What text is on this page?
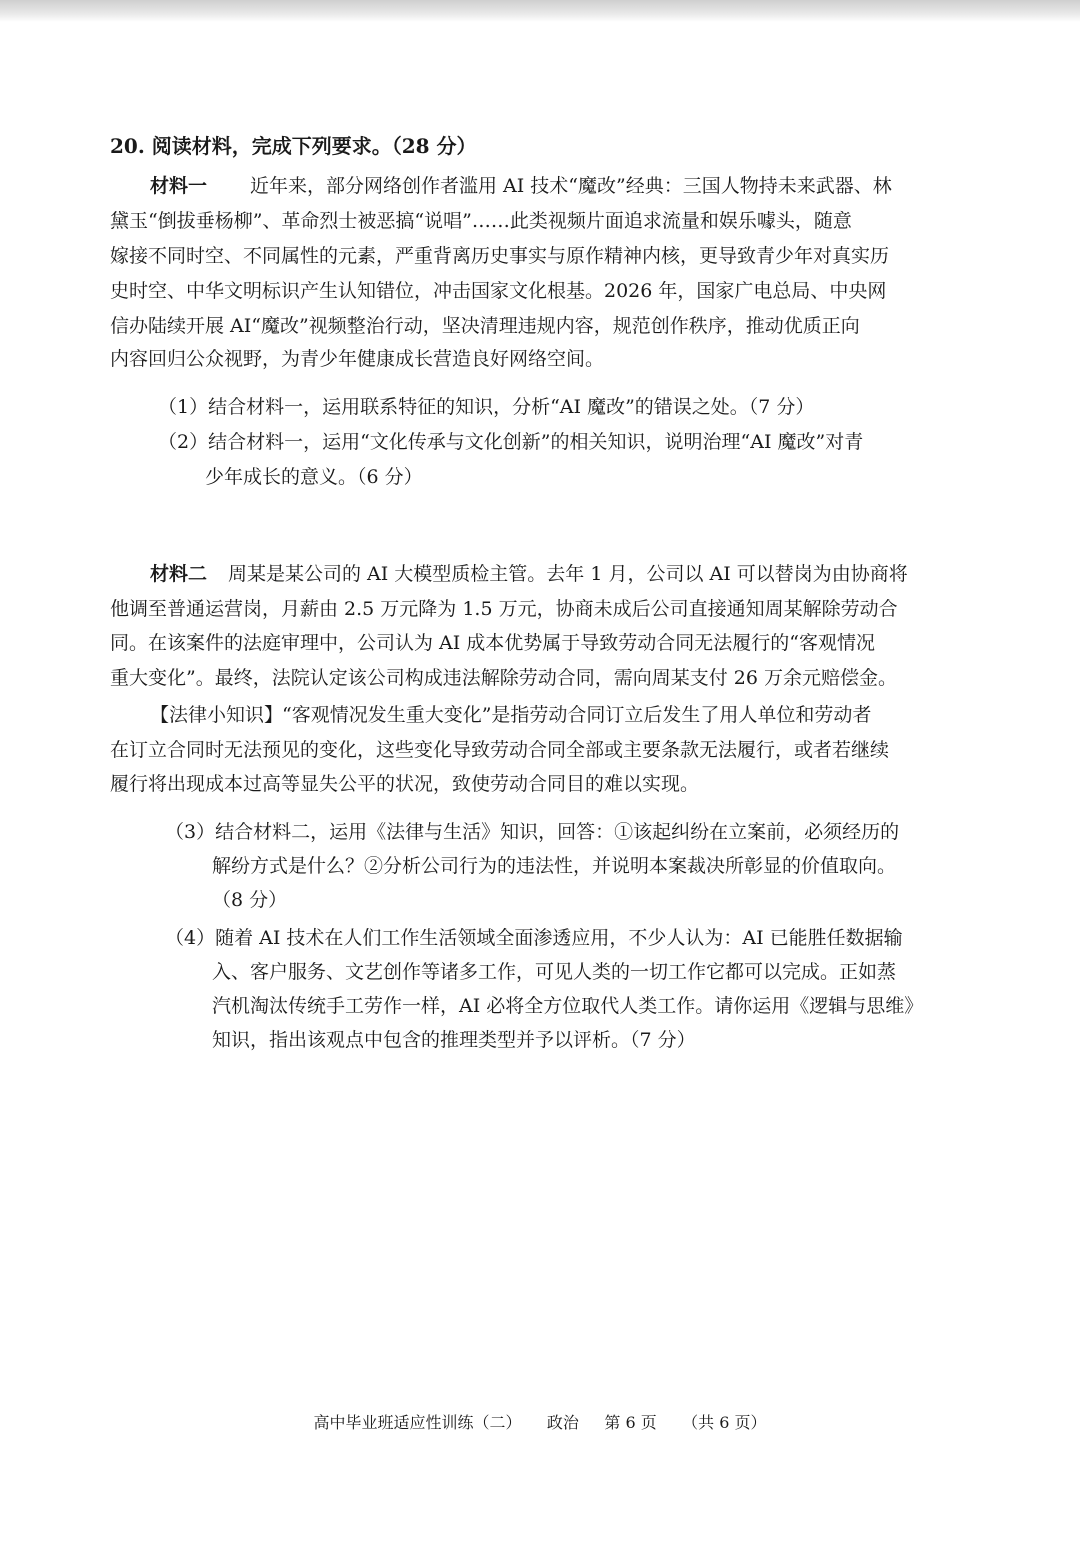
20. 阅读材料，完成下列要求。（28 分）
材料一 近年来，部分网络创作者滥用 AI 技术“魔改”经典：三国人物持未来武器、林
黛玉“倒拔垂杨柳”、革命烈士被恶搞“说唱”……此类视频片面追求流量和娱乐噱头，随意
嫁接不同时空、不同属性的元素，严重背离历史事实与原作精神内核，更导致青少年对真实历
史时空、中华文明标识产生认知错位，冲击国家文化根基。2026 年，国家广电总局、中央网
信办陆续开展 AI“魔改”视频整治行动，坚决清理违规内容，规范创作秩序，推动优质正向
内容回归公众视野，为青少年健康成长营造良好网络空间。
（1）结合材料一，运用联系特征的知识，分析“AI 魔改”的错误之处。（7 分）
（2）结合材料一，运用“文化传承与文化创新”的相关知识，说明治理“AI 魔改”对青
少年成长的意义。（6 分）
材料二 周某是某公司的 AI 大模型质检主管。去年 1 月，公司以 AI 可以替岗为由协商将
他调至普通运营岗，月薪由 2.5 万元降为 1.5 万元，协商未成后公司直接通知周某解除劳动合
同。在该案件的法庭审理中，公司认为 AI 成本优势属于导致劳动合同无法履行的“客观情况
重大变化”。最终，法院认定该公司构成违法解除劳动合同，需向周某支付 26 万余元赔偿金。
【法律小知识】
“客观情况发生重大变化”是指劳动合同订立后发生了用人单位和劳动者
在订立合同时无法预见的变化，这些变化导致劳动合同全部或主要条款无法履行，或者若继续
履行将出现成本过高等显失公平的状况，致使劳动合同目的难以实现。
（3）结合材料二，运用《法律与生活》知识，回答：①该起纠纷在立案前，必须经历的
解纷方式是什么？②分析公司行为的违法性，并说明本案裁决所彰显的价值取向。
（8 分）
（4）随着 AI 技术在人们工作生活领域全面渗透应用，不少人认为：AI 已能胜任数据输
入、客户服务、文艺创作等诸多工作，可见人类的一切工作它都可以完成。正如蒸
汽机淘汰传统手工劳作一样，AI 必将全方位取代人类工作。请你运用《逻辑与思维》
知识，指出该观点中包含的推理类型并予以评析。（7 分）
高中毕业班适应性训练（二）     政治     第 6 页     （共 6 页）
